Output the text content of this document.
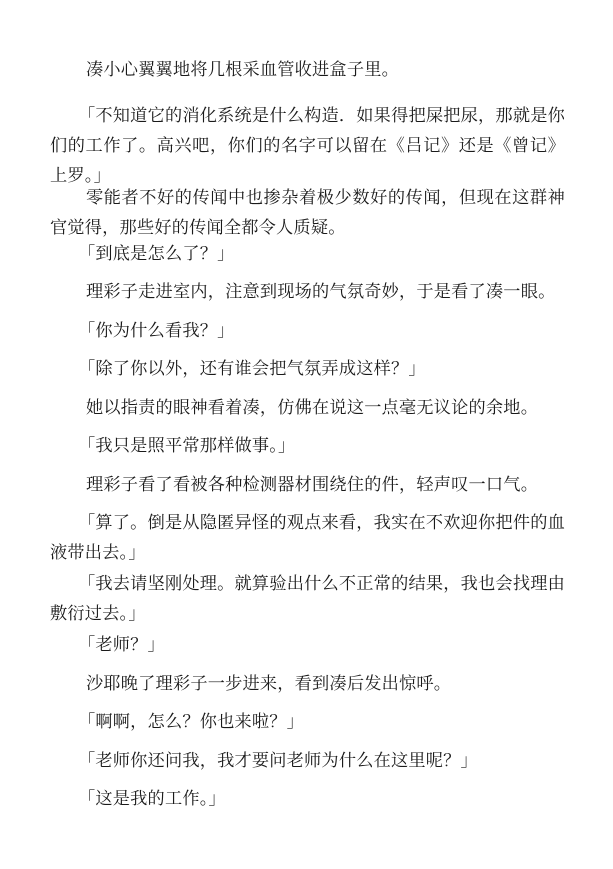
凑小心翼翼地将几根采血管收进盒子里。

「不知道它的消化系统是什么构造．如果得把屎把尿，那就是你们的工作了。高兴吧，你们的名字可以留在《吕记》还是《曾记》上罗。」

零能者不好的传闻中也掺杂着极少数好的传闻，但现在这群神官觉得，那些好的传闻全都令人质疑。

「到底是怎么了？」

理彩子走进室内，注意到现场的气氛奇妙，于是看了凑一眼。

「你为什么看我？」

「除了你以外，还有谁会把气氛弄成这样？」

她以指责的眼神看着凑，仿佛在说这一点毫无议论的余地。

「我只是照平常那样做事。」

理彩子看了看被各种检测器材围绕住的件，轻声叹一口气。

「算了。倒是从隐匿异怪的观点来看，我实在不欢迎你把件的血液带出去。」

「我去请坚刚处理。就算验出什么不正常的结果，我也会找理由敷衍过去。」

「老师？」

沙耶晚了理彩子一步进来，看到凑后发出惊呼。

「啊啊，怎么？你也来啦？」

「老师你还问我，我才要问老师为什么在这里呢？」

「这是我的工作。」
